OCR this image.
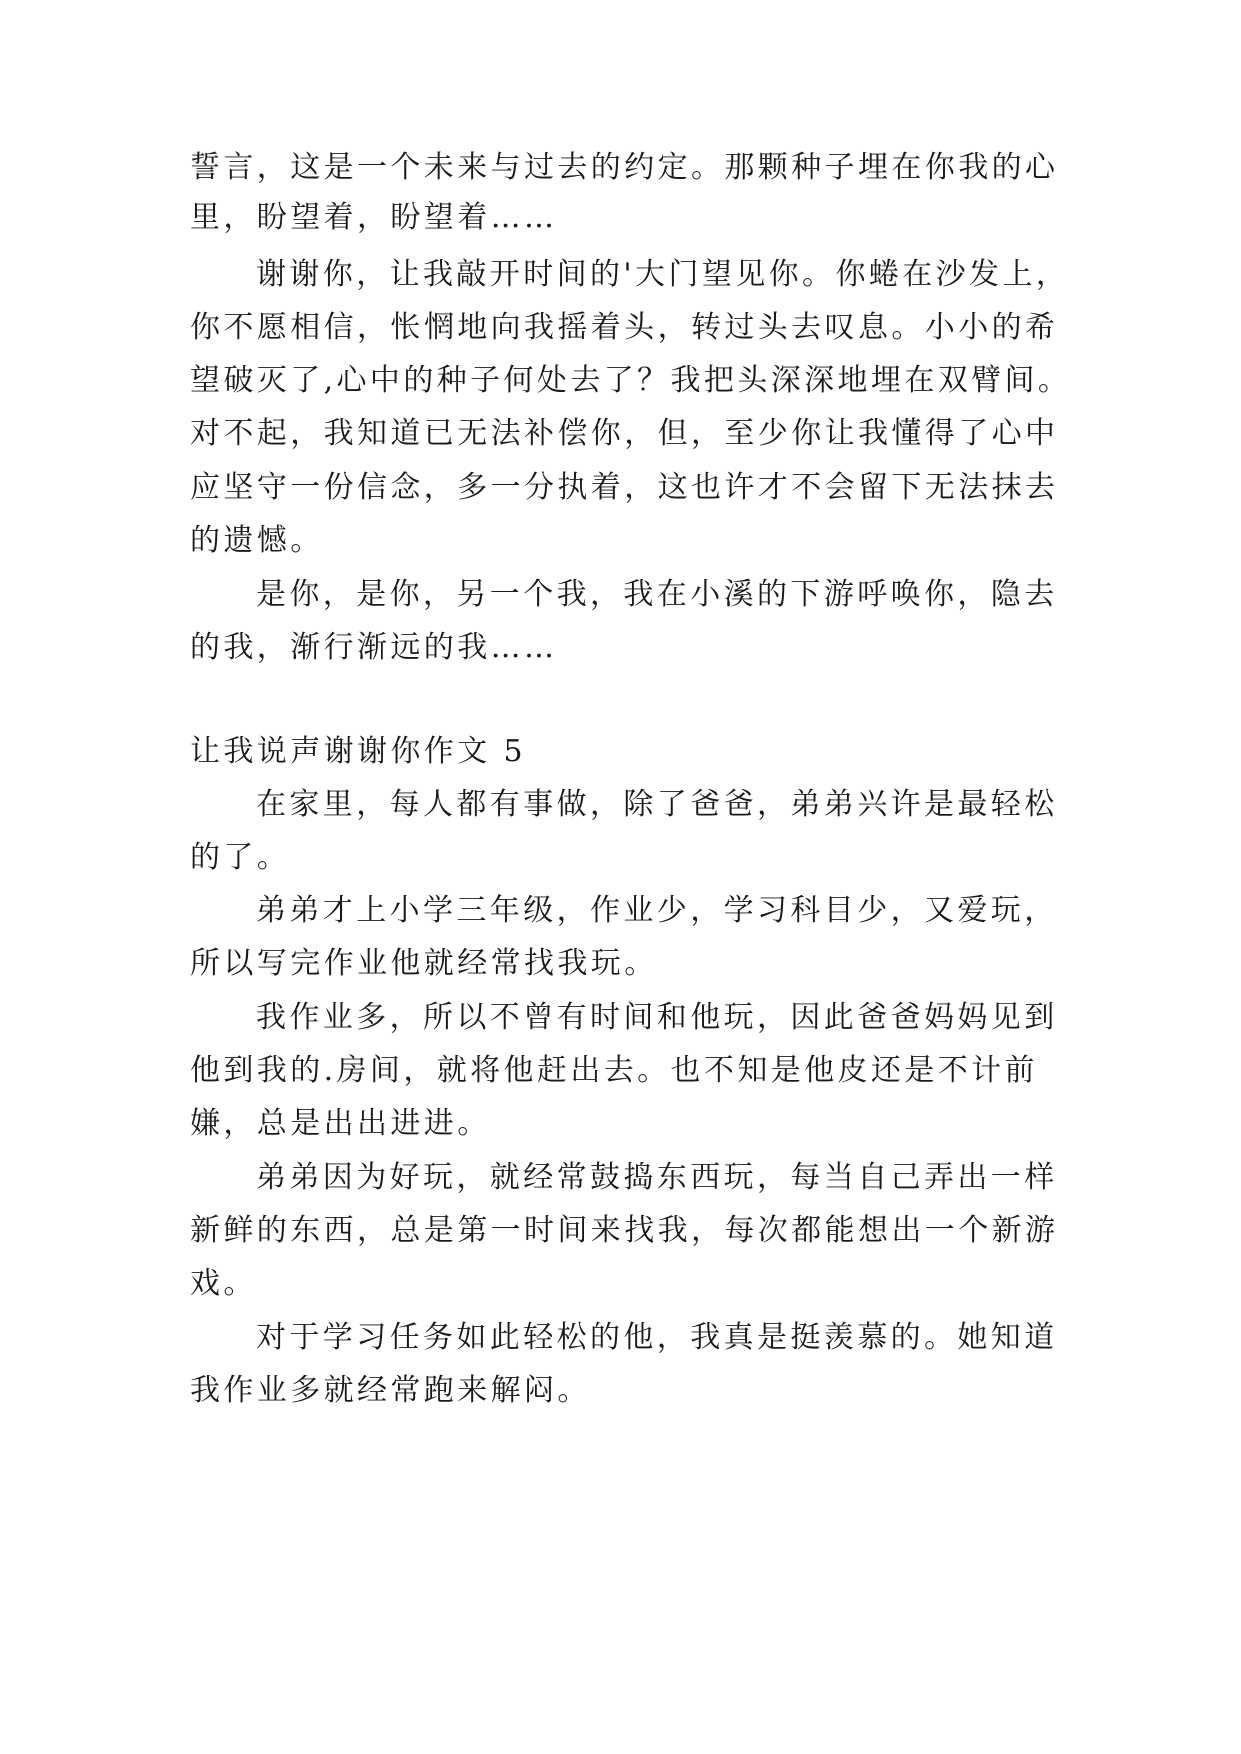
誓言，这是一个未来与过去的约定。那颗种子埋在你我的心
里，盼望着，盼望着……
谢谢你，让我敲开时间的'大门望见你。你蜷在沙发上，
你不愿相信，怅惘地向我摇着头，转过头去叹息。小小的希
望破灭了,心中的种子何处去了？我把头深深地埋在双臂间。
对不起，我知道已无法补偿你，但，至少你让我懂得了心中
应坚守一份信念，多一分执着，这也许才不会留下无法抹去
的遗憾。
是你，是你，另一个我，我在小溪的下游呼唤你，隐去
的我，渐行渐远的我……
让我说声谢谢你作文 5
在家里，每人都有事做，除了爸爸，弟弟兴许是最轻松
的了。
弟弟才上小学三年级，作业少，学习科目少，又爱玩，
所以写完作业他就经常找我玩。
我作业多，所以不曾有时间和他玩，因此爸爸妈妈见到
他到我的.房间，就将他赶出去。也不知是他皮还是不计前
嫌，总是出出进进。
弟弟因为好玩，就经常鼓捣东西玩，每当自己弄出一样
新鲜的东西，总是第一时间来找我，每次都能想出一个新游
戏。
对于学习任务如此轻松的他，我真是挺羡慕的。她知道
我作业多就经常跑来解闷。
